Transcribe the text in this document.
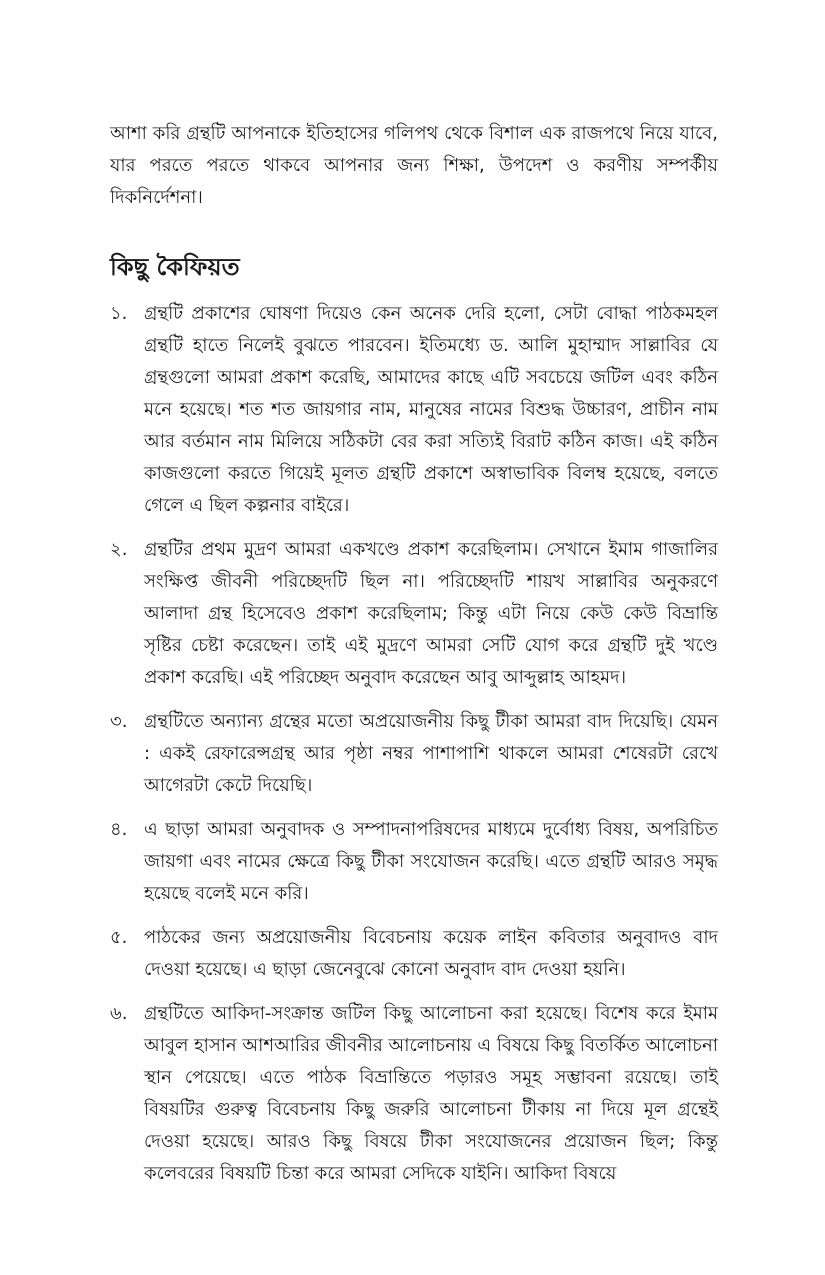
আশা করি গ্রন্থটি আপনাকে ইতিহাসের গলিপথ থেকে বিশাল এক রাজপথে নিয়ে যাবে, যার পরতে পরতে থাকবে আপনার জন্য শিক্ষা, উপদেশ ও করণীয় সম্পর্কীয় দিকনির্দেশনা।

কিছু কৈফিয়ত
১. গ্রন্থটি প্রকাশের ঘোষণা দিয়েও কেন অনেক দেরি হলো, সেটা বোদ্ধা পাঠকমহল গ্রন্থটি হাতে নিলেই বুঝতে পারবেন। ইতিমধ্যে ড. আলি মুহাম্মাদ সাল্লাবির যে গ্রন্থগুলো আমরা প্রকাশ করেছি, আমাদের কাছে এটি সবচেয়ে জটিল এবং কঠিন মনে হয়েছে। শত শত জায়গার নাম, মানুষের নামের বিশুদ্ধ উচ্চারণ, প্রাচীন নাম আর বর্তমান নাম মিলিয়ে সঠিকটা বের করা সত্যিই বিরাট কঠিন কাজ। এই কঠিন কাজগুলো করতে গিয়েই মূলত গ্রন্থটি প্রকাশে অস্বাভাবিক বিলম্ব হয়েছে, বলতে গেলে এ ছিল কল্পনার বাইরে।
২. গ্রন্থটির প্রথম মুদ্রণ আমরা একখণ্ডে প্রকাশ করেছিলাম। সেখানে ইমাম গাজালির সংক্ষিপ্ত জীবনী পরিচ্ছেদটি ছিল না। পরিচ্ছেদটি শায়খ সাল্লাবির অনুকরণে আলাদা গ্রন্থ হিসেবেও প্রকাশ করেছিলাম; কিন্তু এটা নিয়ে কেউ কেউ বিভ্রান্তি সৃষ্টির চেষ্টা করেছেন। তাই এই মুদ্রণে আমরা সেটি যোগ করে গ্রন্থটি দুই খণ্ডে প্রকাশ করেছি। এই পরিচ্ছেদ অনুবাদ করেছেন আবু আব্দুল্লাহ আহমদ।
৩. গ্রন্থটিতে অন্যান্য গ্রন্থের মতো অপ্রয়োজনীয় কিছু টীকা আমরা বাদ দিয়েছি। যেমন : একই রেফারেন্সগ্রন্থ আর পৃষ্ঠা নম্বর পাশাপাশি থাকলে আমরা শেষেরটা রেখে আগেরটা কেটে দিয়েছি।
৪. এ ছাড়া আমরা অনুবাদক ও সম্পাদনাপরিষদের মাধ্যমে দুর্বোধ্য বিষয়, অপরিচিত জায়গা এবং নামের ক্ষেত্রে কিছু টীকা সংযোজন করেছি। এতে গ্রন্থটি আরও সমৃদ্ধ হয়েছে বলেই মনে করি।
৫. পাঠকের জন্য অপ্রয়োজনীয় বিবেচনায় কয়েক লাইন কবিতার অনুবাদও বাদ দেওয়া হয়েছে। এ ছাড়া জেনেবুঝে কোনো অনুবাদ বাদ দেওয়া হয়নি।
৬. গ্রন্থটিতে আকিদা-সংক্রান্ত জটিল কিছু আলোচনা করা হয়েছে। বিশেষ করে ইমাম আবুল হাসান আশআরির জীবনীর আলোচনায় এ বিষয়ে কিছু বিতর্কিত আলোচনা স্থান পেয়েছে। এতে পাঠক বিভ্রান্তিতে পড়ারও সমূহ সম্ভাবনা রয়েছে। তাই বিষয়টির গুরুত্ব বিবেচনায় কিছু জরুরি আলোচনা টীকায় না দিয়ে মূল গ্রন্থেই দেওয়া হয়েছে। আরও কিছু বিষয়ে টীকা সংযোজনের প্রয়োজন ছিল; কিন্তু কলেবরের বিষয়টি চিন্তা করে আমরা সেদিকে যাইনি। আকিদা বিষয়ে
